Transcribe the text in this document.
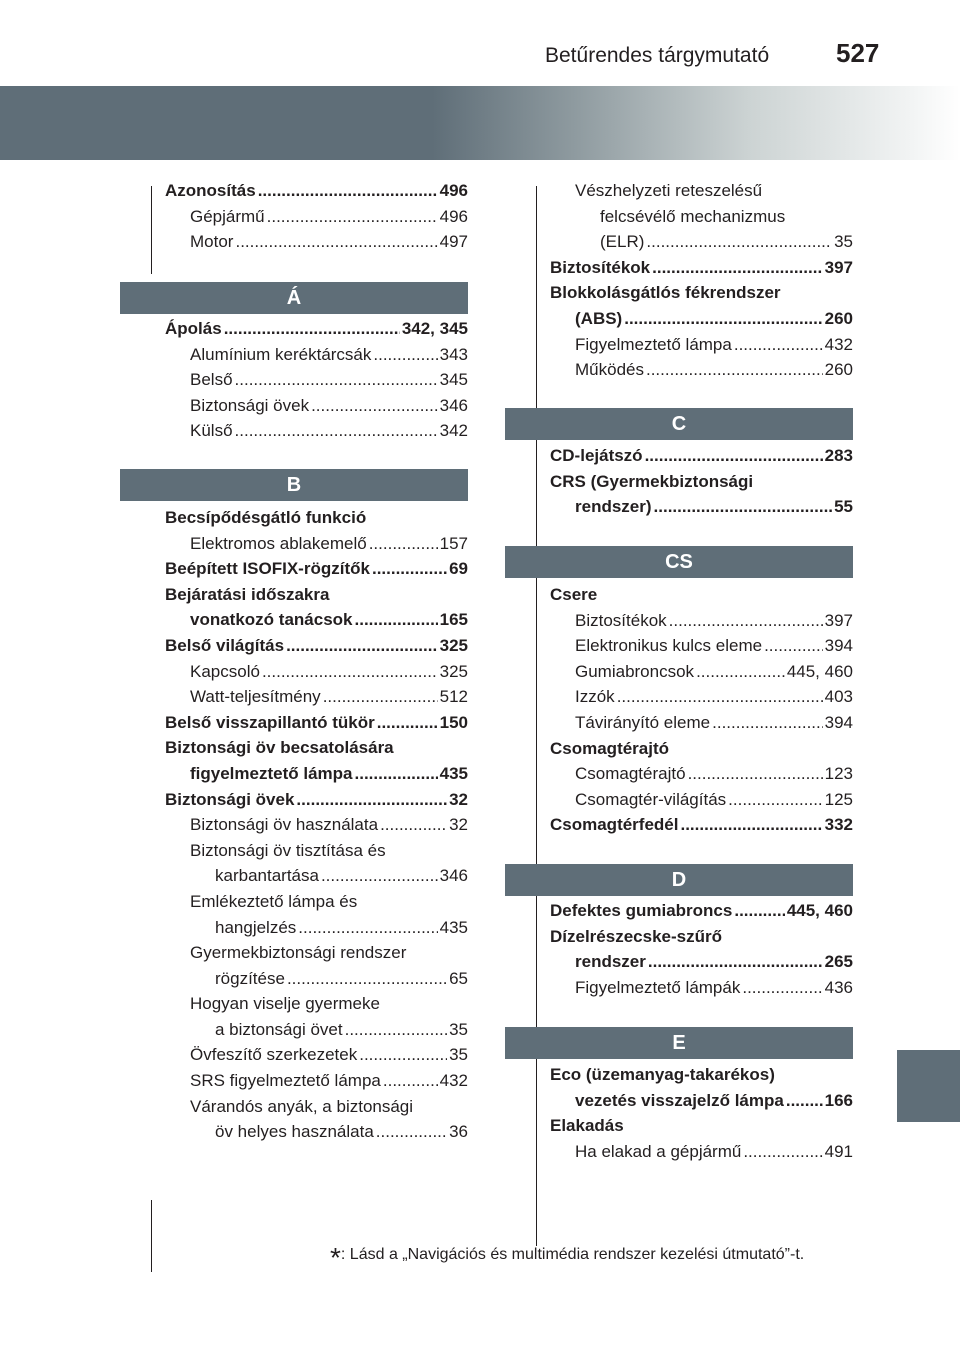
Betűrendes tárgymutató	527
Azonosítás .....	496
Gépjármű .....	496
Motor .....	497
Á
Ápolás .....	342, 345
Alumínium keréktárcsák .....	343
Belső .....	345
Biztonsági övek .....	346
Külső .....	342
B
Becsípődésgátló funkció
Elektromos ablakemelő .....	157
Beépített ISOFIX-rögzítők .....	69
Bejáratási időszakra
vonatkozó tanácsok .....	165
Belső világítás .....	325
Kapcsoló .....	325
Watt-teljesítmény .....	512
Belső visszapillantó tükör .....	150
Biztonsági öv becsatolására
figyelmeztető lámpa .....	435
Biztonsági övek .....	32
Biztonsági öv használata .....	32
Biztonsági öv tisztítása és
karbantartása .....	346
Emlékeztető lámpa és
hangjelzés .....	435
Gyermekbiztonsági rendszer
rögzítése .....	65
Hogyan viselje gyermeke
a biztonsági övet .....	35
Övfeszítő szerkezetek .....	35
SRS figyelmeztető lámpa .....	432
Várandós anyák, a biztonsági
öv helyes használata .....	36
Vészhelyzeti reteszelésű
felcsévélő mechanizmus
(ELR) .....	35
Biztosítékok .....	397
Blokkolásgátlós fékrendszer
(ABS) .....	260
Figyelmeztető lámpa .....	432
Működés .....	260
C
CD-lejátszó .....	283
CRS (Gyermekbiztonsági
rendszer) .....	55
CS
Csere
Biztosítékok .....	397
Elektronikus kulcs eleme .....	394
Gumiabroncsok .....	445, 460
Izzók .....	403
Távirányító eleme .....	394
Csomagtérajtó
Csomagtérajtó .....	123
Csomagtér-világítás .....	125
Csomagtérfedél .....	332
D
Defektes gumiabroncs .....	445, 460
Dízelrészecske-szűrő
rendszer .....	265
Figyelmeztető lámpák .....	436
E
Eco (üzemanyag-takarékos)
vezetés visszajelző lámpa ..... 166
Elakadás
Ha elakad a gépjármű .....	491
*: Lásd a „Navigációs és multimédia rendszer kezelési útmutató”-t.
